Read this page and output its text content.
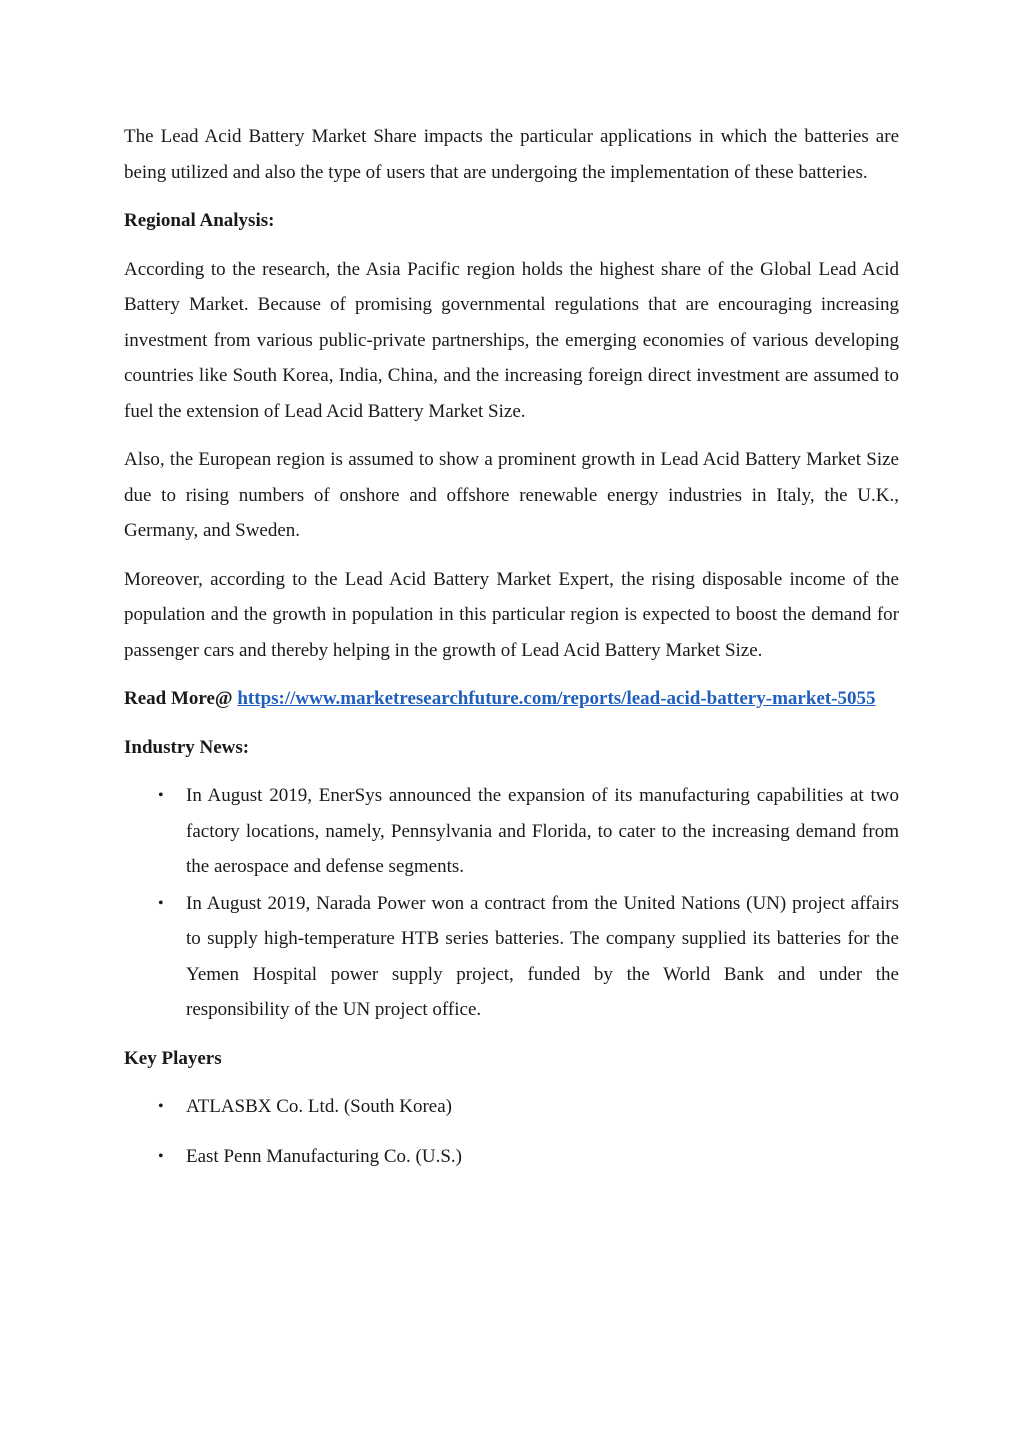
The Lead Acid Battery Market Share impacts the particular applications in which the batteries are being utilized and also the type of users that are undergoing the implementation of these batteries.

Regional Analysis:

According to the research, the Asia Pacific region holds the highest share of the Global Lead Acid Battery Market. Because of promising governmental regulations that are encouraging increasing investment from various public-private partnerships, the emerging economies of various developing countries like South Korea, India, China, and the increasing foreign direct investment are assumed to fuel the extension of Lead Acid Battery Market Size.

Also, the European region is assumed to show a prominent growth in Lead Acid Battery Market Size due to rising numbers of onshore and offshore renewable energy industries in Italy, the U.K., Germany, and Sweden.

Moreover, according to the Lead Acid Battery Market Expert, the rising disposable income of the population and the growth in population in this particular region is expected to boost the demand for passenger cars and thereby helping in the growth of Lead Acid Battery Market Size.

Read More@ https://www.marketresearchfuture.com/reports/lead-acid-battery-market-5055

Industry News:

• In August 2019, EnerSys announced the expansion of its manufacturing capabilities at two factory locations, namely, Pennsylvania and Florida, to cater to the increasing demand from the aerospace and defense segments.
• In August 2019, Narada Power won a contract from the United Nations (UN) project affairs to supply high-temperature HTB series batteries. The company supplied its batteries for the Yemen Hospital power supply project, funded by the World Bank and under the responsibility of the UN project office.

Key Players

• ATLASBX Co. Ltd. (South Korea)
• East Penn Manufacturing Co. (U.S.)
